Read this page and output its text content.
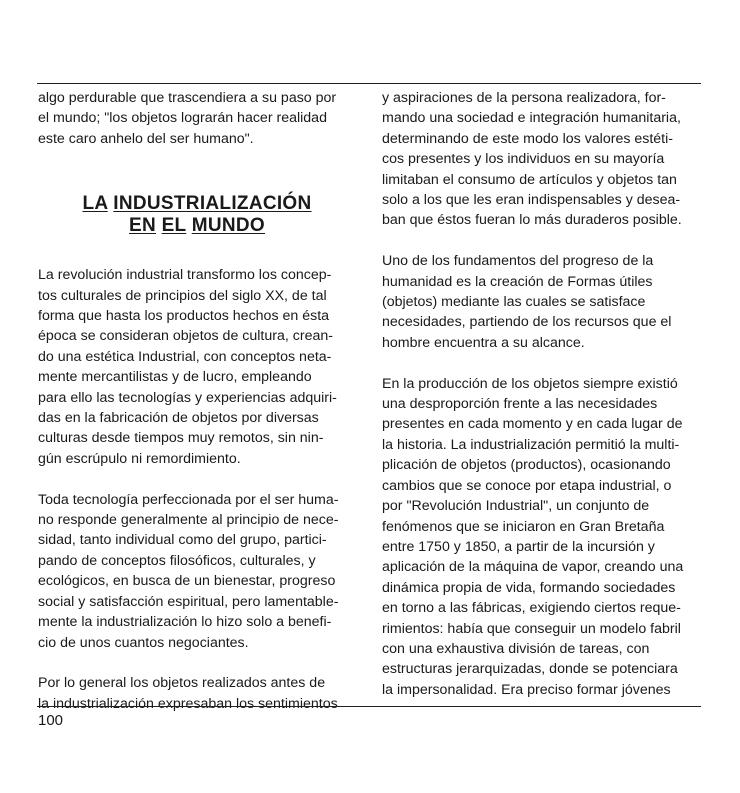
algo perdurable que trascendiera a su paso por
el mundo; "los objetos lograrán hacer realidad
este caro anhelo del ser humano".

LA INDUSTRIALIZACIÓN
EN EL MUNDO

La revolución industrial transformo los concep-
tos culturales de principios del siglo XX, de tal
forma que hasta los productos hechos en ésta
época se consideran objetos de cultura, crean-
do una estética Industrial, con conceptos neta-
mente mercantilistas y de lucro, empleando
para ello las tecnologías y experiencias adquiri-
das en la fabricación de objetos por diversas
culturas desde tiempos muy remotos, sin nin-
gún escrúpulo ni remordimiento.

Toda tecnología perfeccionada por el ser huma-
no responde generalmente al principio de nece-
sidad, tanto individual como del grupo, partici-
pando de conceptos filosóficos, culturales, y
ecológicos, en busca de un bienestar, progreso
social y satisfacción espiritual, pero lamentable-
mente la industrialización lo hizo solo a benefi-
cio de unos cuantos negociantes.

Por lo general los objetos realizados antes de
la industrialización expresaban los sentimientos

y aspiraciones de la persona realizadora, for-
mando una sociedad e integración humanitaria,
determinando de este modo los valores estéti-
cos presentes y los individuos en su mayoría
limitaban el consumo de artículos y objetos tan
solo a los que les eran indispensables y desea-
ban que éstos fueran lo más duraderos posible.

Uno de los fundamentos del progreso de la
humanidad es la creación de Formas útiles
(objetos) mediante las cuales se satisface
necesidades, partiendo de los recursos que el
hombre encuentra a su alcance.

En la producción de los objetos siempre existió
una desproporción frente a las necesidades
presentes en cada momento y en cada lugar de
la historia. La industrialización permitió la multi-
plicación de objetos (productos), ocasionando
cambios que se conoce por etapa industrial, o
por "Revolución Industrial", un conjunto de
fenómenos que se iniciaron en Gran Bretaña
entre 1750 y 1850, a partir de la incursión y
aplicación de la máquina de vapor, creando una
dinámica propia de vida, formando sociedades
en torno a las fábricas, exigiendo ciertos reque-
rimientos: había que conseguir un modelo fabril
con una exhaustiva división de tareas, con
estructuras jerarquizadas, donde se potenciara
la impersonalidad. Era preciso formar jóvenes

100
